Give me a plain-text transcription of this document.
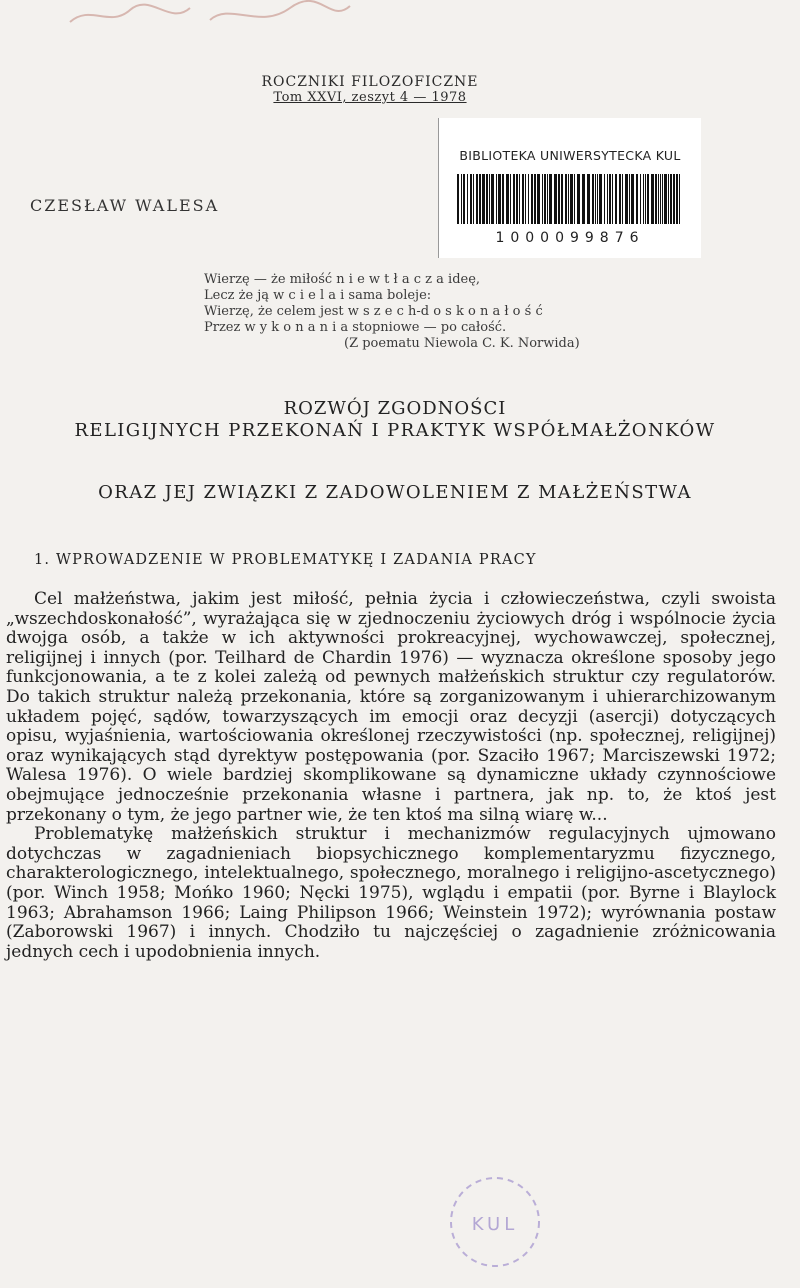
ROCZNIKI FILOZOFICZNE
Tom XXVI, zeszyt 4 — 1978
BIBLIOTEKA UNIWERSYTECKA KUL
1000099876
CZESŁAW WALESA
Wierzę — że miłość n i e w t ł a c z a ideę,
Lecz że ją w c i e l a i sama boleje:
Wierzę, że celem jest w s z e c h-d o s k o n a ł o ś ć
Przez w y k o n a n i a stopniowe — po całość.
(Z poematu Niewola C. K. Norwida)
ROZWÓJ ZGODNOŚCI
RELIGIJNYCH PRZEKONAŃ I PRAKTYK WSPÓŁMAŁŻONKÓW
ORAZ JEJ ZWIĄZKI Z ZADOWOLENIEM Z MAŁŻEŃSTWA
1. WPROWADZENIE W PROBLEMATYKĘ I ZADANIA PRACY

Cel małżeństwa, jakim jest miłość, pełnia życia i człowieczeństwa, czyli swoista „wszechdoskonałość”, wyrażająca się w zjednoczeniu życiowych dróg i wspólnocie życia dwojga osób, a także w ich aktywności prokreacyjnej, wychowawczej, społecznej, religijnej i innych (por. Teilhard de Chardin 1976) — wyznacza określone sposoby jego funkcjonowania, a te z kolei zależą od pewnych małżeńskich struktur czy regulatorów. Do takich struktur należą przekonania, które są zorganizowanym i uhierarchizowanym układem pojęć, sądów, towarzyszących im emocji oraz decyzji (asercji) dotyczących opisu, wyjaśnienia, wartościowania określonej rzeczywistości (np. społecznej, religijnej) oraz wynikających stąd dyrektyw postępowania (por. Szaciło 1967; Marciszewski 1972; Walesa 1976). O wiele bardziej skomplikowane są dynamiczne układy czynnościowe obejmujące jednocześnie przekonania własne i partnera, jak np. to, że ktoś jest przekonany o tym, że jego partner wie, że ten ktoś ma silną wiarę w...

Problematykę małżeńskich struktur i mechanizmów regulacyjnych ujmowano dotychczas w zagadnieniach biopsychicznego komplementaryzmu fizycznego, charakterologicznego, intelektualnego, społecznego, moralnego i religijno-ascetycznego) (por. Winch 1958; Mońko 1960; Nęcki 1975), wglądu i empatii (por. Byrne i Blaylock 1963; Abrahamson 1966; Laing Philipson 1966; Weinstein 1972); wyrównania postaw (Zaborowski 1967) i innych. Chodziło tu najczęściej o zagadnienie zróżnicowania jednych cech i upodobnienia innych.

KUL
